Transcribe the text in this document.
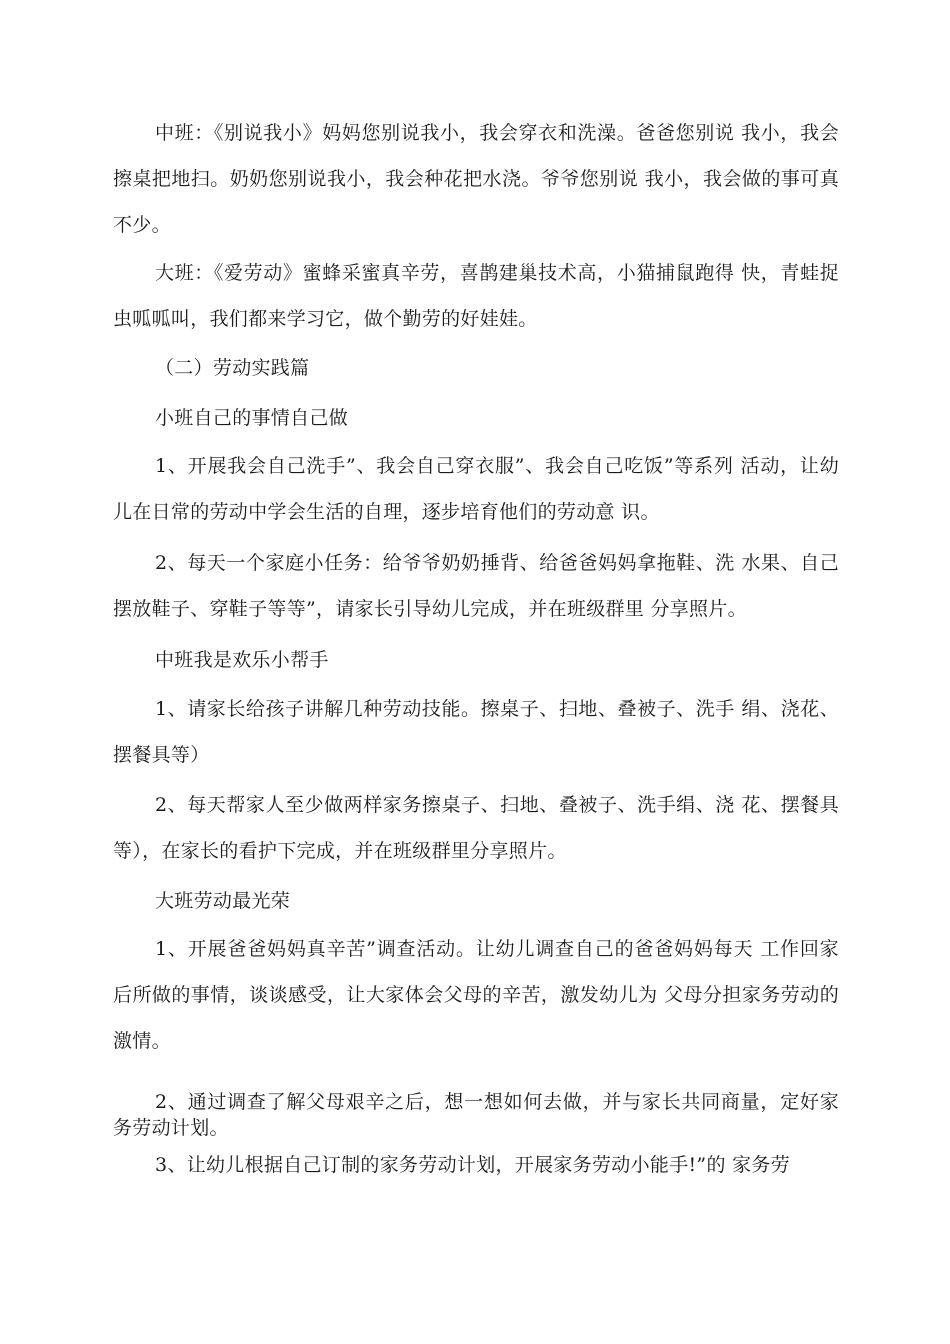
中班：《别说我小》妈妈您别说我小，我会穿衣和洗澡。爸爸您别说 我小，我会擦桌把地扫。奶奶您别说我小，我会种花把水浇。爷爷您别说 我小，我会做的事可真不少。

大班：《爱劳动》蜜蜂采蜜真辛劳，喜鹊建巢技术高，小猫捕鼠跑得 快，青蛙捉虫呱呱叫，我们都来学习它，做个勤劳的好娃娃。

（二）劳动实践篇

小班自己的事情自己做

1、开展我会自己洗手”、我会自己穿衣服”、我会自己吃饭”等系列 活动，让幼儿在日常的劳动中学会生活的自理，逐步培育他们的劳动意 识。

2、每天一个家庭小任务：给爷爷奶奶捶背、给爸爸妈妈拿拖鞋、洗 水果、自己摆放鞋子、穿鞋子等等”，请家长引导幼儿完成，并在班级群里 分享照片。

中班我是欢乐小帮手

1、请家长给孩子讲解几种劳动技能。擦桌子、扫地、叠被子、洗手 绢、浇花、摆餐具等）

2、每天帮家人至少做两样家务擦桌子、扫地、叠被子、洗手绢、浇 花、摆餐具等），在家长的看护下完成，并在班级群里分享照片。

大班劳动最光荣

1、开展爸爸妈妈真辛苦”调查活动。让幼儿调查自己的爸爸妈妈每天 工作回家后所做的事情，谈谈感受，让大家体会父母的辛苦，激发幼儿为 父母分担家务劳动的激情。

2、通过调查了解父母艰辛之后，想一想如何去做，并与家长共同商量，定好家务劳动计划。

3、让幼儿根据自己订制的家务劳动计划，开展家务劳动小能手!”的 家务劳
